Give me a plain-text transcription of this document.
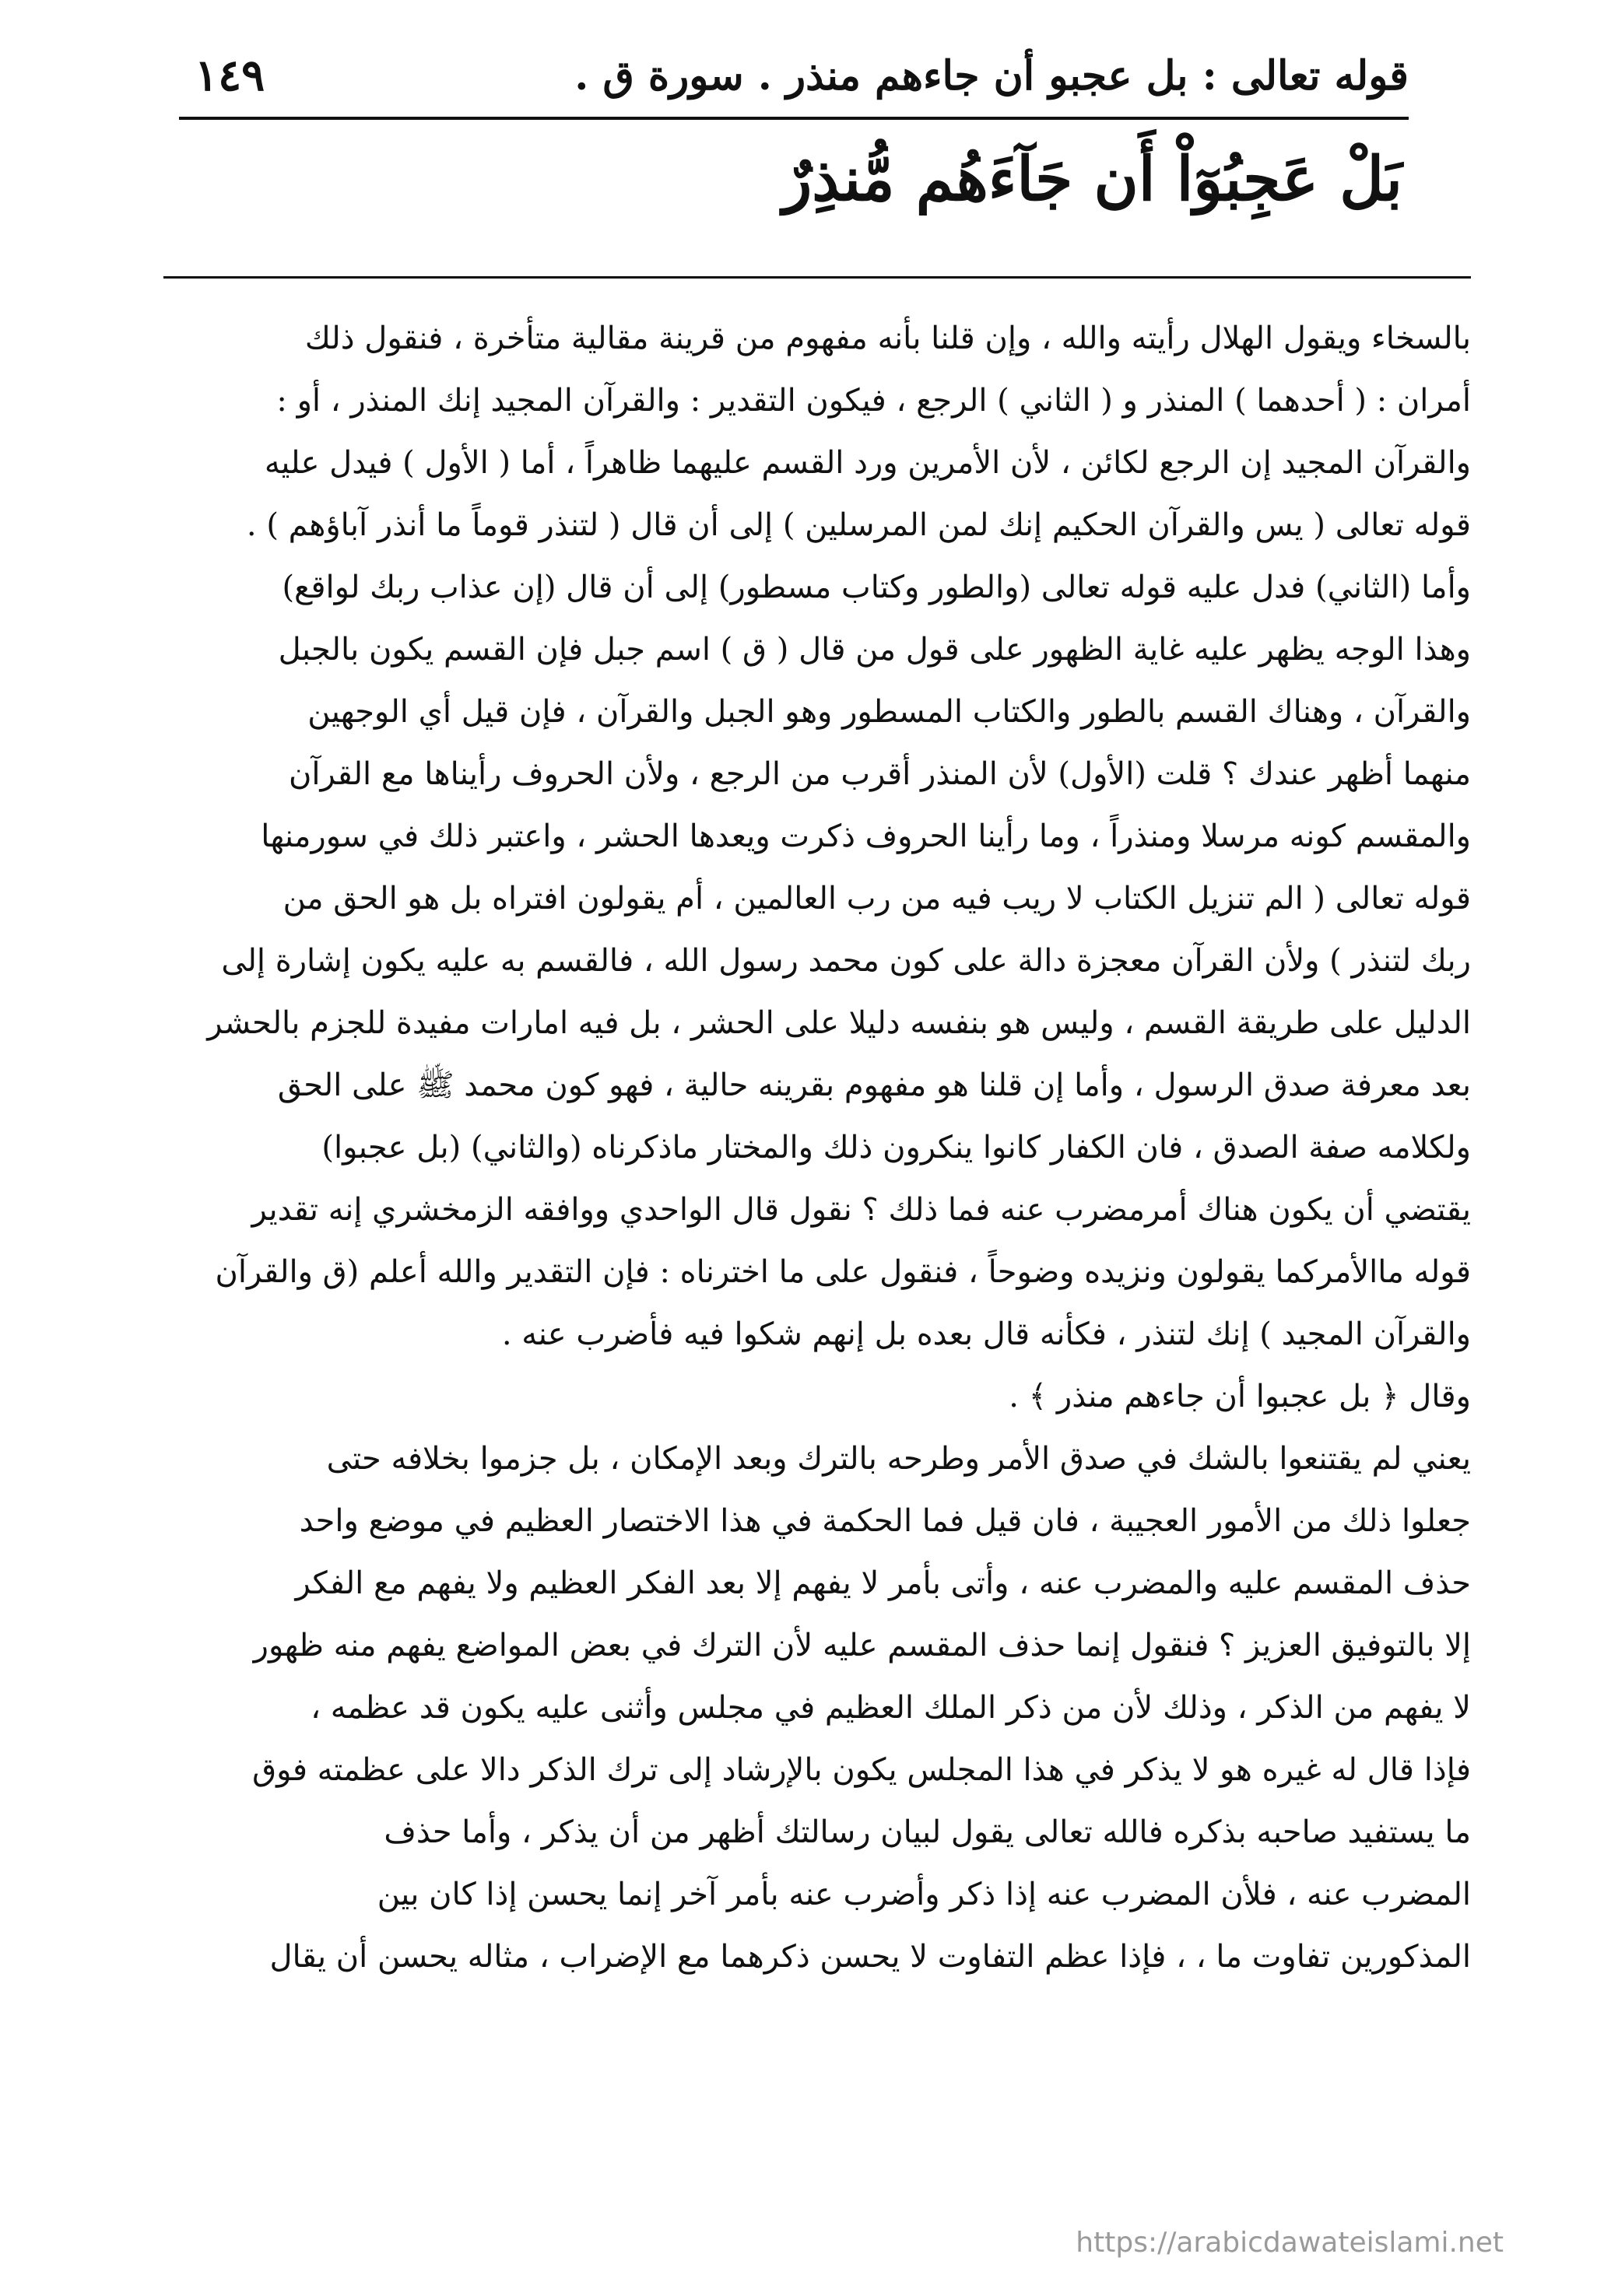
قوله تعالى : بل عجبو أن جاءهم منذر . سورة ق .
١٤٩
بَلْ عَجِبُوٓاْ أَن جَآءَهُم مُّنذِرٌ
بالسخاء ويقول الهلال رأيته والله ، وإن قلنا بأنه مفهوم من قرينة مقالية متأخرة ، فنقول ذلك
أمران : ( أحدهما ) المنذر و ( الثاني ) الرجع ، فيكون التقدير : والقرآن المجيد إنك المنذر ، أو :
والقرآن المجيد إن الرجع لكائن ، لأن الأمرين ورد القسم عليهما ظاهراً ، أما ( الأول ) فيدل عليه
قوله تعالى ( يس والقرآن الحكيم إنك لمن المرسلين ) إلى أن قال ( لتنذر قوماً ما أنذر آباؤهم ) .
وأما (الثاني) فدل عليه قوله تعالى (والطور وكتاب مسطور) إلى أن قال (إن عذاب ربك لواقع)
وهذا الوجه يظهر عليه غاية الظهور على قول من قال ( ق ) اسم جبل فإن القسم يكون بالجبل
والقرآن ، وهناك القسم بالطور والكتاب المسطور وهو الجبل والقرآن ، فإن قيل أي الوجهين
منهما أظهر عندك ؟ قلت (الأول) لأن المنذر أقرب من الرجع ، ولأن الحروف رأيناها مع القرآن
والمقسم كونه مرسلا ومنذراً ، وما رأينا الحروف ذكرت ويعدها الحشر ، واعتبر ذلك في سورمنها
قوله تعالى ( الم تنزيل الكتاب لا ريب فيه من رب العالمين ، أم يقولون افتراه بل هو الحق من
ربك لتنذر ) ولأن القرآن معجزة دالة على كون محمد رسول الله ، فالقسم به عليه يكون إشارة إلى
الدليل على طريقة القسم ، وليس هو بنفسه دليلا على الحشر ، بل فيه امارات مفيدة للجزم بالحشر
بعد معرفة صدق الرسول ، وأما إن قلنا هو مفهوم بقرينه حالية ، فهو كون محمد ﷺ على الحق
ولكلامه صفة الصدق ، فان الكفار كانوا ينكرون ذلك والمختار ماذكرناه (والثاني) (بل عجبوا)
يقتضي أن يكون هناك أمرمضرب عنه فما ذلك ؟ نقول قال الواحدي ووافقه الزمخشري إنه تقدير
قوله ماالأمركما يقولون ونزيده وضوحاً ، فنقول على ما اخترناه : فإن التقدير والله أعلم (ق والقرآن
والقرآن المجيد ) إنك لتنذر ، فكأنه قال بعده بل إنهم شكوا فيه فأضرب عنه .
وقال ﴿ بل عجبوا أن جاءهم منذر ﴾ .
يعني لم يقتنعوا بالشك في صدق الأمر وطرحه بالترك وبعد الإمكان ، بل جزموا بخلافه حتى
جعلوا ذلك من الأمور العجيبة ، فان قيل فما الحكمة في هذا الاختصار العظيم في موضع واحد
حذف المقسم عليه والمضرب عنه ، وأتى بأمر لا يفهم إلا بعد الفكر العظيم ولا يفهم مع الفكر
إلا بالتوفيق العزيز ؟ فنقول إنما حذف المقسم عليه لأن الترك في بعض المواضع يفهم منه ظهور
لا يفهم من الذكر ، وذلك لأن من ذكر الملك العظيم في مجلس وأثنى عليه يكون قد عظمه ،
فإذا قال له غيره هو لا يذكر في هذا المجلس يكون بالإرشاد إلى ترك الذكر دالا على عظمته فوق
ما يستفيد صاحبه بذكره فالله تعالى يقول لبيان رسالتك أظهر من أن يذكر ، وأما حذف
المضرب عنه ، فلأن المضرب عنه إذا ذكر وأضرب عنه بأمر آخر إنما يحسن إذا كان بين
المذكورين تفاوت ما ، ، فإذا عظم التفاوت لا يحسن ذكرهما مع الإضراب ، مثاله يحسن أن يقال
https://arabicdawateislami.net
